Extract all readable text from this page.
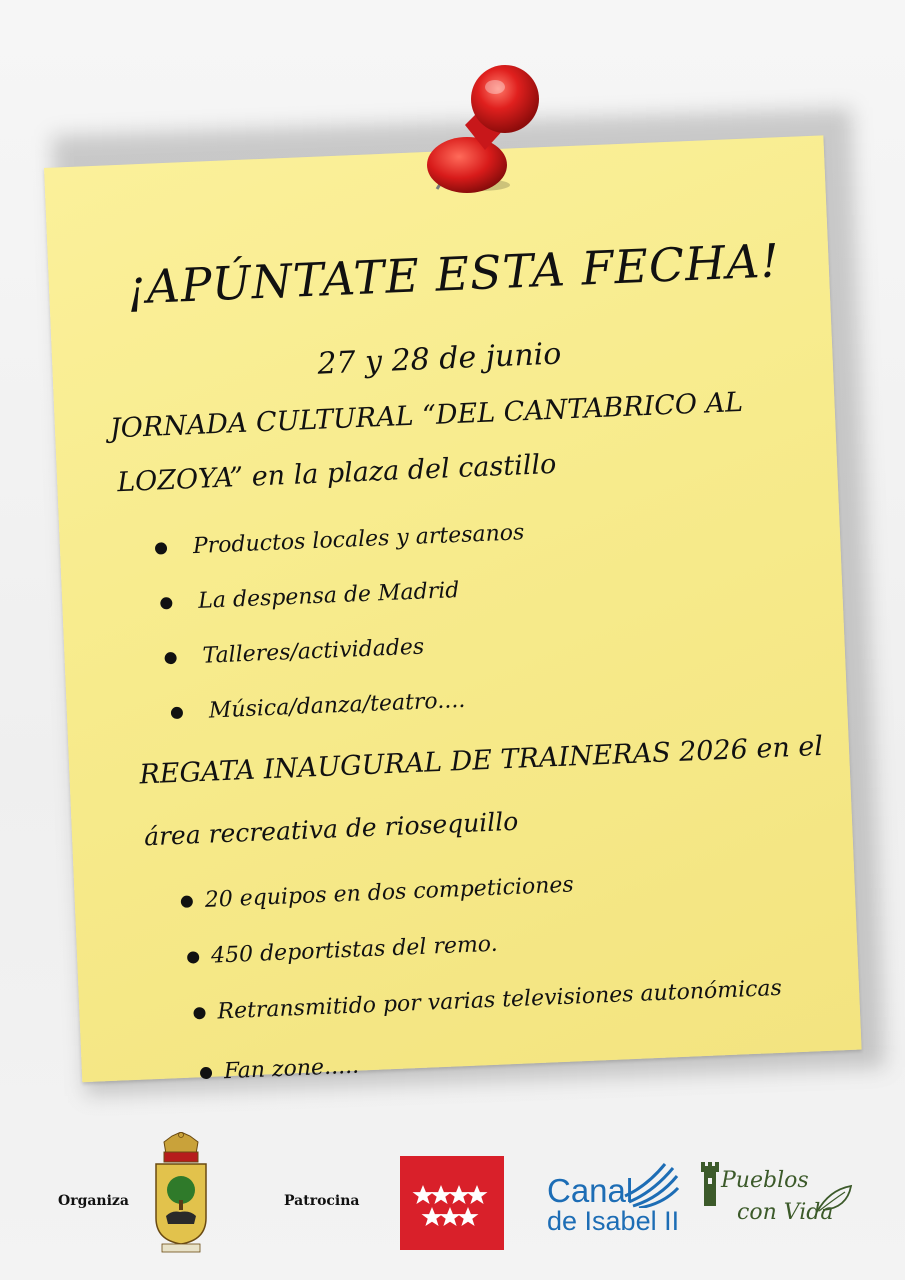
¡APÚNTATE ESTA FECHA!
27 y 28 de junio
JORNADA CULTURAL “DEL CANTABRICO AL
LOZOYA” en la plaza del castillo
Productos locales y artesanos
La despensa de Madrid
Talleres/actividades
Música/danza/teatro....
REGATA INAUGURAL DE TRAINERAS 2026 en el
área recreativa de riosequillo
20 equipos en dos competiciones
450 deportistas del remo.
Retransmitido por varias televisiones autonómicas
Fan zone.....
Organiza	Patrocina	Canal
de Isabel II
Pueblos
con Vida
